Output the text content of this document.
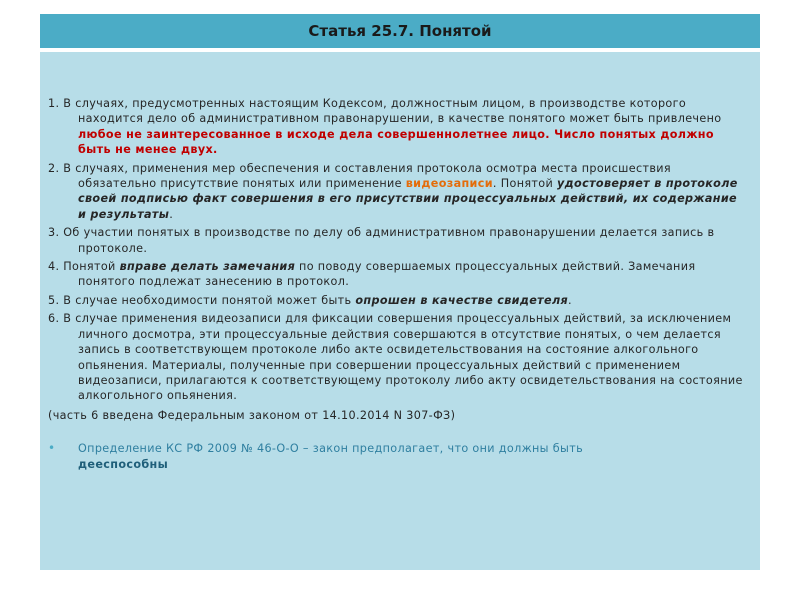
Статья 25.7. Понятой
1. В случаях, предусмотренных настоящим Кодексом, должностным лицом, в производстве которого находится дело об административном правонарушении, в качестве понятого может быть привлечено любое не заинтересованное в исходе дела совершеннолетнее лицо. Число понятых должно быть не менее двух.
2. В случаях, применения мер обеспечения и составления протокола осмотра места происшествия обязательно присутствие понятых или применение видеозаписи. Понятой удостоверяет в протоколе своей подписью факт совершения в его присутствии процессуальных действий, их содержание и результаты.
3. Об участии понятых в производстве по делу об административном правонарушении делается запись в протоколе.
4. Понятой вправе делать замечания по поводу совершаемых процессуальных действий. Замечания понятого подлежат занесению в протокол.
5. В случае необходимости понятой может быть опрошен в качестве свидетеля.
6. В случае применения видеозаписи для фиксации совершения процессуальных действий, за исключением личного досмотра, эти процессуальные действия совершаются в отсутствие понятых, о чем делается запись в соответствующем протоколе либо акте освидетельствования на состояние алкогольного опьянения. Материалы, полученные при совершении процессуальных действий с применением видеозаписи, прилагаются к соответствующему протоколу либо акту освидетельствования на состояние алкогольного опьянения.
(часть 6 введена Федеральным законом от 14.10.2014 N 307-ФЗ)
•	Определение КС РФ 2009 № 46-О-О – закон предполагает, что они должны быть
дееспособны
